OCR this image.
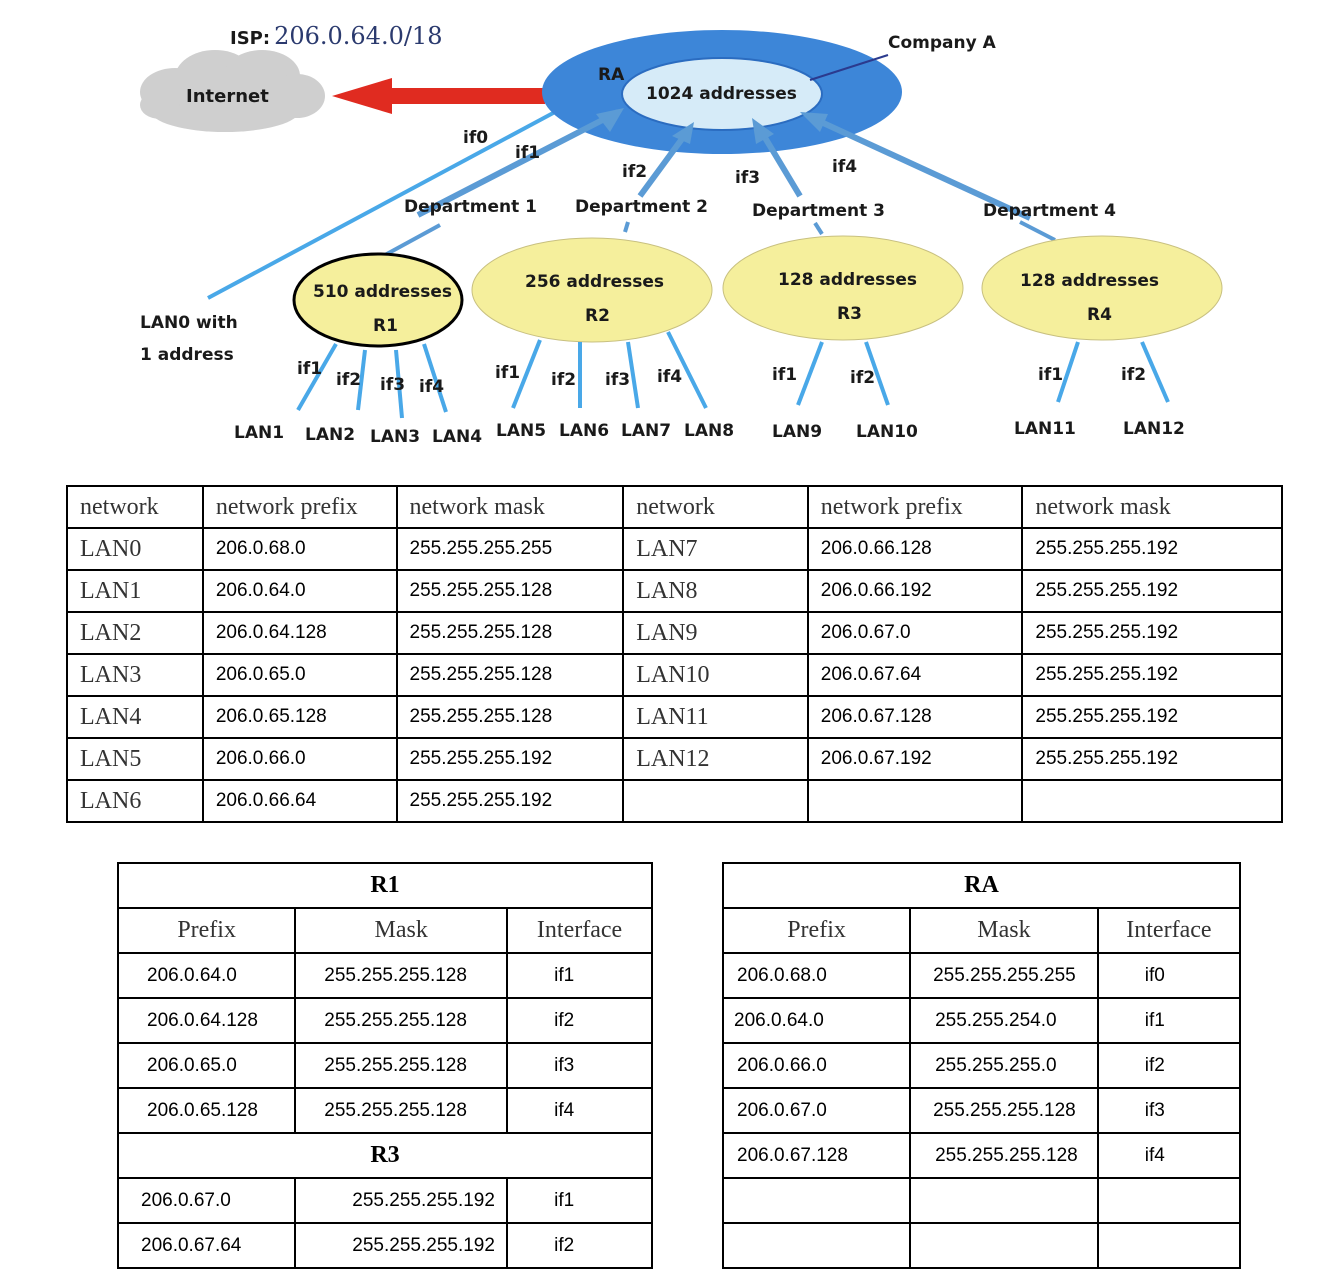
Internet
ISP: 206.0.64.0/18
RA
1024 addresses
Company A
if0
if1
if2	if3
if4
Department 1 Department 2	Department 3	Department 4
LAN0 with
1 address
510 addresses
R1
256 addresses
R2
128 addresses
R3
128 addresses
R4
if1
if2 if3 if4
if1 if2 if3 if4	if1	if2	if1	if2
LAN1 LAN2 LAN3 LAN4 LAN5 LAN6 LAN7 LAN8 LAN9 LAN10	LAN11	LAN12
network	network prefix	network mask	network	network prefix	network mask
LAN0	206.0.68.0	255.255.255.255	LAN7	206.0.66.128	255.255.255.192
LAN1	206.0.64.0	255.255.255.128	LAN8	206.0.66.192	255.255.255.192
LAN2	206.0.64.128	255.255.255.128	LAN9	206.0.67.0	255.255.255.192
LAN3	206.0.65.0	255.255.255.128	LAN10	206.0.67.64	255.255.255.192
LAN4	206.0.65.128	255.255.255.128	LAN11	206.0.67.128	255.255.255.192
LAN5	206.0.66.0	255.255.255.192	LAN12	206.0.67.192	255.255.255.192
LAN6	206.0.66.64	255.255.255.192			
R1		
Prefix	Mask	Interface
206.0.64.0	255.255.255.128	if1
206.0.64.128	255.255.255.128	if2
206.0.65.0	255.255.255.128	if3
206.0.65.128	255.255.255.128	if4
R3		
206.0.67.0	255.255.255.192	if1
206.0.67.64	255.255.255.192	if2
RA		
Prefix	Mask	Interface
206.0.68.0	255.255.255.255	if0
206.0.64.0	255.255.254.0	if1
206.0.66.0	255.255.255.0	if2
206.0.67.0	255.255.255.128	if3
206.0.67.128	255.255.255.128	if4
